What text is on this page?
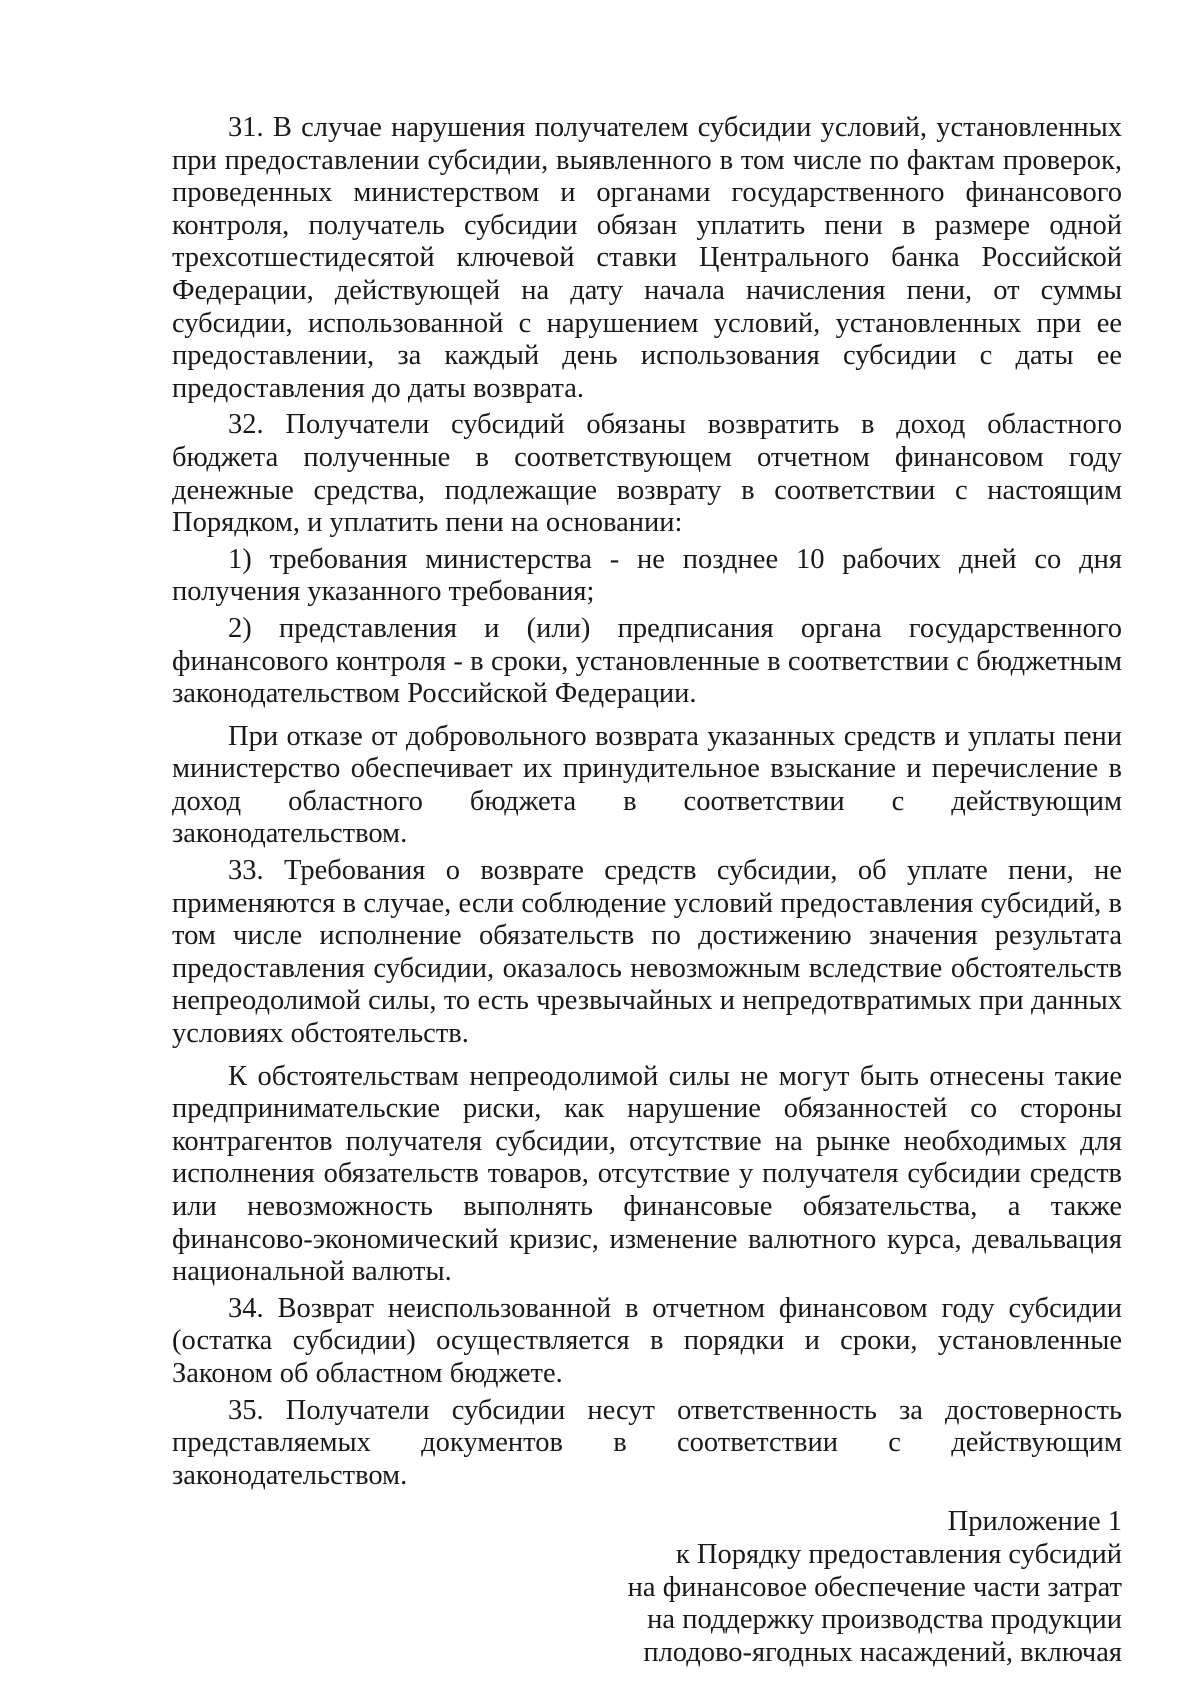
31. В случае нарушения получателем субсидии условий, установленных при предоставлении субсидии, выявленного в том числе по фактам проверок, проведенных министерством и органами государственного финансового контроля, получатель субсидии обязан уплатить пени в размере одной трехсотшестидесятой ключевой ставки Центрального банка Российской Федерации, действующей на дату начала начисления пени, от суммы субсидии, использованной с нарушением условий, установленных при ее предоставлении, за каждый день использования субсидии с даты ее предоставления до даты возврата.

32. Получатели субсидий обязаны возвратить в доход областного бюджета полученные в соответствующем отчетном финансовом году денежные средства, подлежащие возврату в соответствии с настоящим Порядком, и уплатить пени на основании:

1) требования министерства - не позднее 10 рабочих дней со дня получения указанного требования;

2) представления и (или) предписания органа государственного финансового контроля - в сроки, установленные в соответствии с бюджетным законодательством Российской Федерации.

При отказе от добровольного возврата указанных средств и уплаты пени министерство обеспечивает их принудительное взыскание и перечисление в доход областного бюджета в соответствии с действующим законодательством.

33. Требования о возврате средств субсидии, об уплате пени, не применяются в случае, если соблюдение условий предоставления субсидий, в том числе исполнение обязательств по достижению значения результата предоставления субсидии, оказалось невозможным вследствие обстоятельств непреодолимой силы, то есть чрезвычайных и непредотвратимых при данных условиях обстоятельств.

К обстоятельствам непреодолимой силы не могут быть отнесены такие предпринимательские риски, как нарушение обязанностей со стороны контрагентов получателя субсидии, отсутствие на рынке необходимых для исполнения обязательств товаров, отсутствие у получателя субсидии средств или невозможность выполнять финансовые обязательства, а также финансово-экономический кризис, изменение валютного курса, девальвация национальной валюты.

34. Возврат неиспользованной в отчетном финансовом году субсидии (остатка субсидии) осуществляется в порядки и сроки, установленные Законом об областном бюджете.

35. Получатели субсидии несут ответственность за достоверность представляемых документов в соответствии с действующим законодательством.

Приложение 1
к Порядку предоставления субсидий
на финансовое обеспечение части затрат
на поддержку производства продукции
плодово-ягодных насаждений, включая
